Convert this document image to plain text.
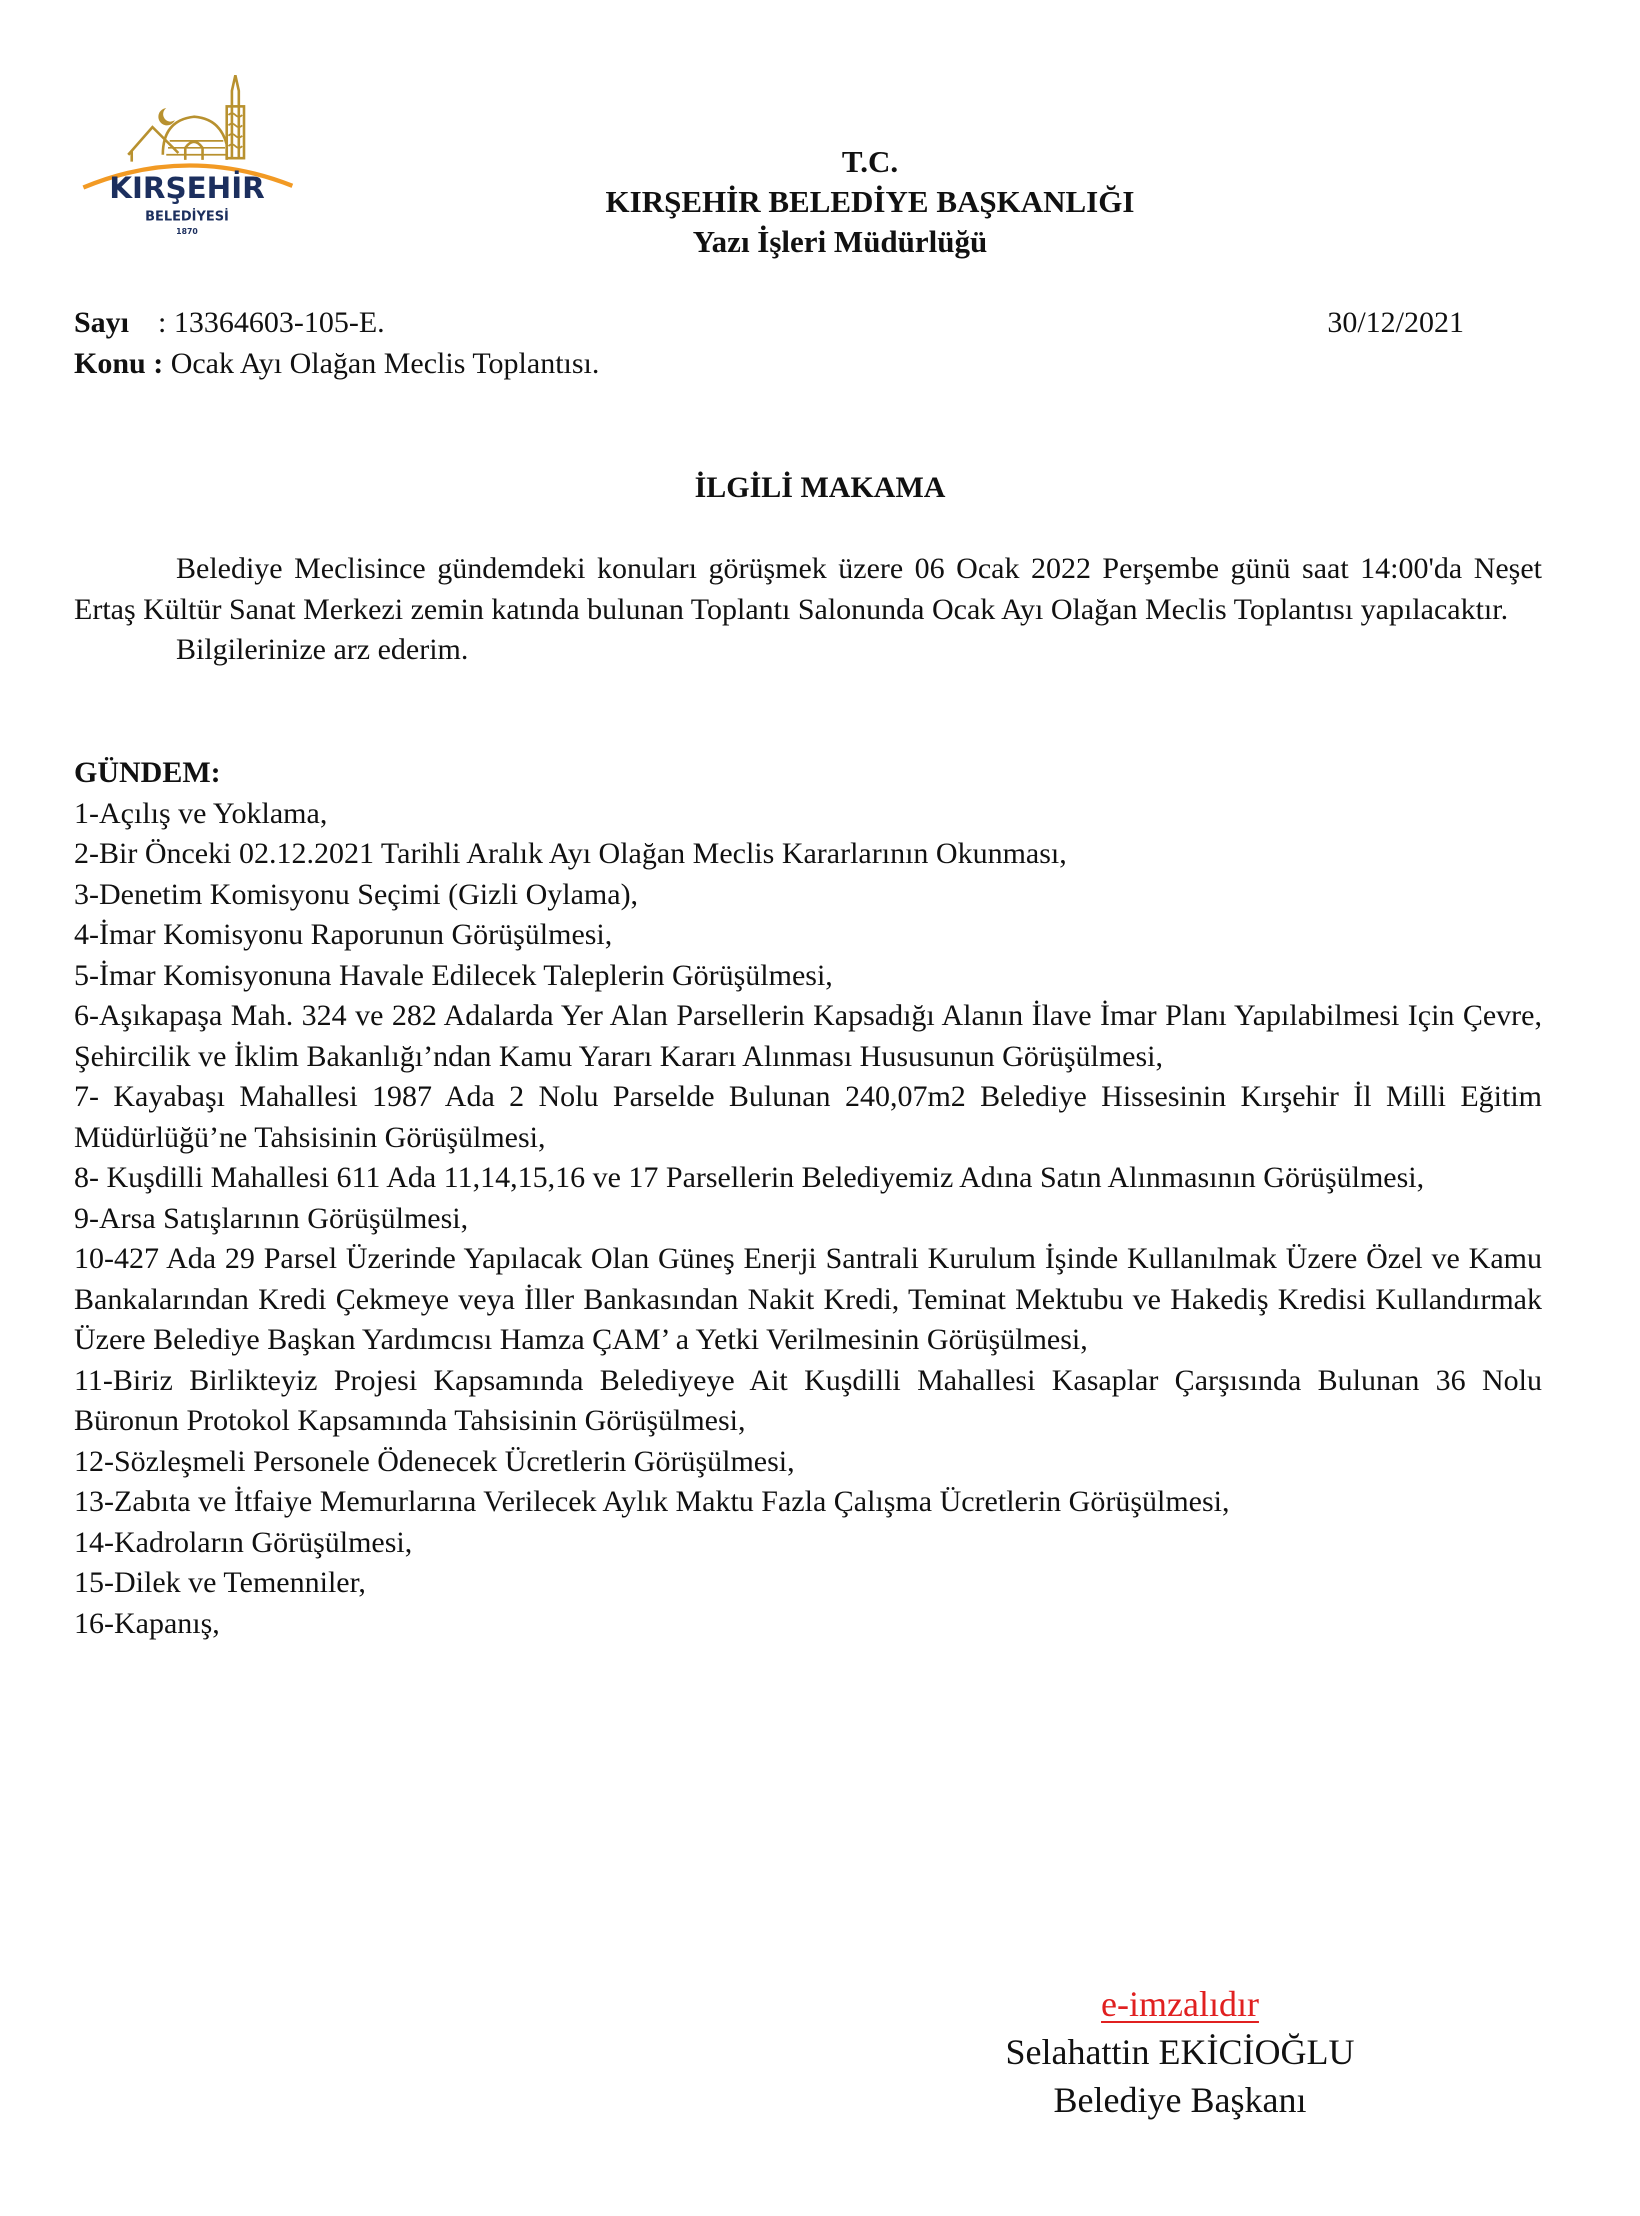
KIRŞEHİR
BELEDİYESİ
1870
T.C.
KIRŞEHİR BELEDİYE BAŞKANLIĞI
Yazı İşleri Müdürlüğü
Sayı : 13364603-105-E.
Konu :
Ocak Ayı Olağan Meclis Toplantısı.
30/12/2021
İLGİLİ MAKAMA

Belediye Meclisince gündemdeki konuları görüşmek üzere 06 Ocak 2022 Perşembe günü saat 14:00'da Neşet Ertaş Kültür Sanat Merkezi zemin katında bulunan Toplantı Salonunda Ocak Ayı Olağan Meclis Toplantısı yapılacaktır.

Bilgilerinize arz ederim.

GÜNDEM:

1-Açılış ve Yoklama,
2-Bir Önceki 02.12.2021 Tarihli Aralık Ayı Olağan Meclis Kararlarının Okunması,
3-Denetim Komisyonu Seçimi (Gizli Oylama),
4-İmar Komisyonu Raporunun Görüşülmesi,
5-İmar Komisyonuna Havale Edilecek Taleplerin Görüşülmesi,
6-Aşıkapaşa Mah. 324 ve 282 Adalarda Yer Alan Parsellerin Kapsadığı Alanın İlave İmar Planı Yapılabilmesi Için Çevre, Şehircilik ve İklim Bakanlığı’ndan Kamu Yararı Kararı Alınması Hususunun Görüşülmesi,
7- Kayabaşı Mahallesi 1987 Ada 2 Nolu Parselde Bulunan 240,07m2 Belediye Hissesinin Kırşehir İl Milli Eğitim Müdürlüğü’ne Tahsisinin Görüşülmesi,
8- Kuşdilli Mahallesi 611 Ada 11,14,15,16 ve 17 Parsellerin Belediyemiz Adına Satın Alınmasının Görüşülmesi,
9-Arsa Satışlarının Görüşülmesi,
10-427 Ada 29 Parsel Üzerinde Yapılacak Olan Güneş Enerji Santrali Kurulum İşinde Kullanılmak Üzere Özel ve Kamu Bankalarından Kredi Çekmeye veya İller Bankasından Nakit Kredi, Teminat Mektubu ve Hakediş Kredisi Kullandırmak Üzere Belediye Başkan Yardımcısı Hamza ÇAM’ a Yetki Verilmesinin Görüşülmesi,
11-Biriz Birlikteyiz Projesi Kapsamında Belediyeye Ait Kuşdilli Mahallesi Kasaplar Çarşısında Bulunan 36 Nolu Büronun Protokol Kapsamında Tahsisinin Görüşülmesi,
12-Sözleşmeli Personele Ödenecek Ücretlerin Görüşülmesi,
13-Zabıta ve İtfaiye Memurlarına Verilecek Aylık Maktu Fazla Çalışma Ücretlerin Görüşülmesi,
14-Kadroların Görüşülmesi,
15-Dilek ve Temenniler,
16-Kapanış,
e-imzalıdır
Selahattin EKİCİOĞLU
Belediye Başkanı
